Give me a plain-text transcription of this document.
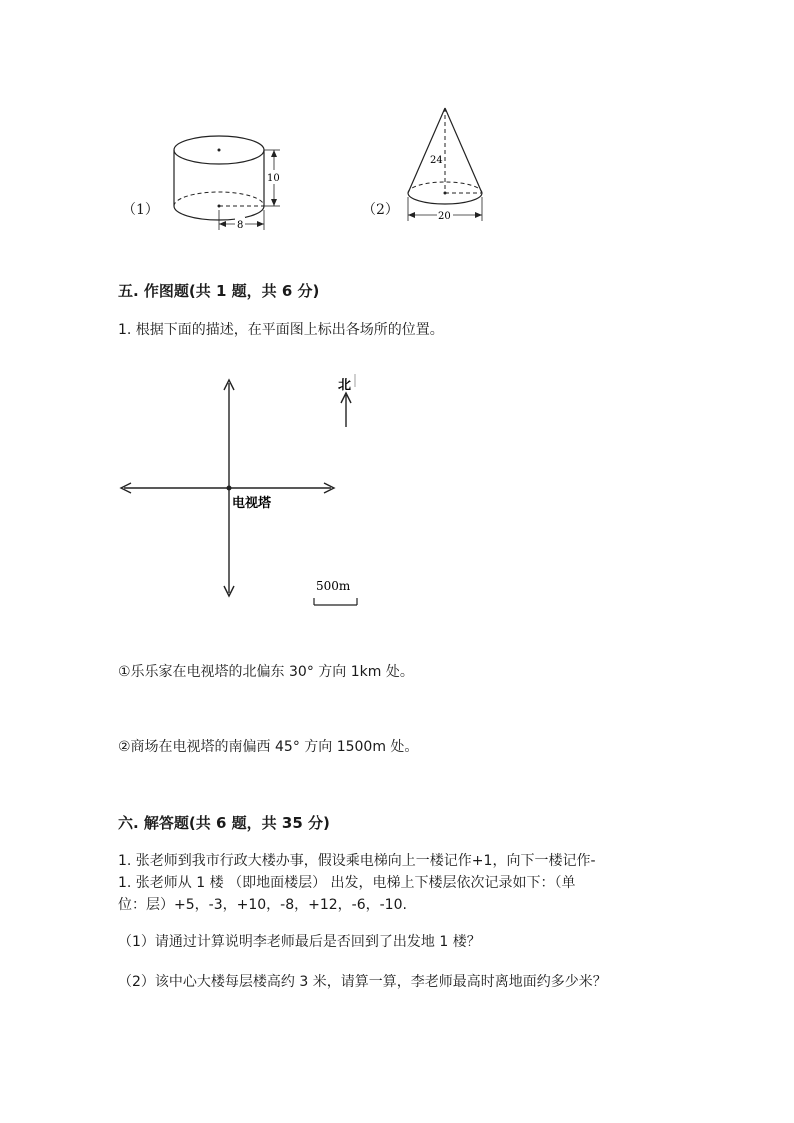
（1）
10
8
（2）
24
20
五. 作图题(共 1 题，共 6 分)
1. 根据下面的描述，在平面图上标出各场所的位置。
北
电视塔
500m
①乐乐家在电视塔的北偏东 30° 方向 1km 处。
②商场在电视塔的南偏西 45° 方向 1500m 处。
六. 解答题(共 6 题，共 35 分)
1. 张老师到我市行政大楼办事，假设乘电梯向上一楼记作+1，向下一楼记作-
1. 张老师从 1 楼 （即地面楼层） 出发，电梯上下楼层依次记录如下：（单
位：层）+5，-3，+10，-8，+12，-6，-10.
（1）请通过计算说明李老师最后是否回到了出发地 1 楼？
（2）该中心大楼每层楼高约 3 米，请算一算，李老师最高时离地面约多少米？
